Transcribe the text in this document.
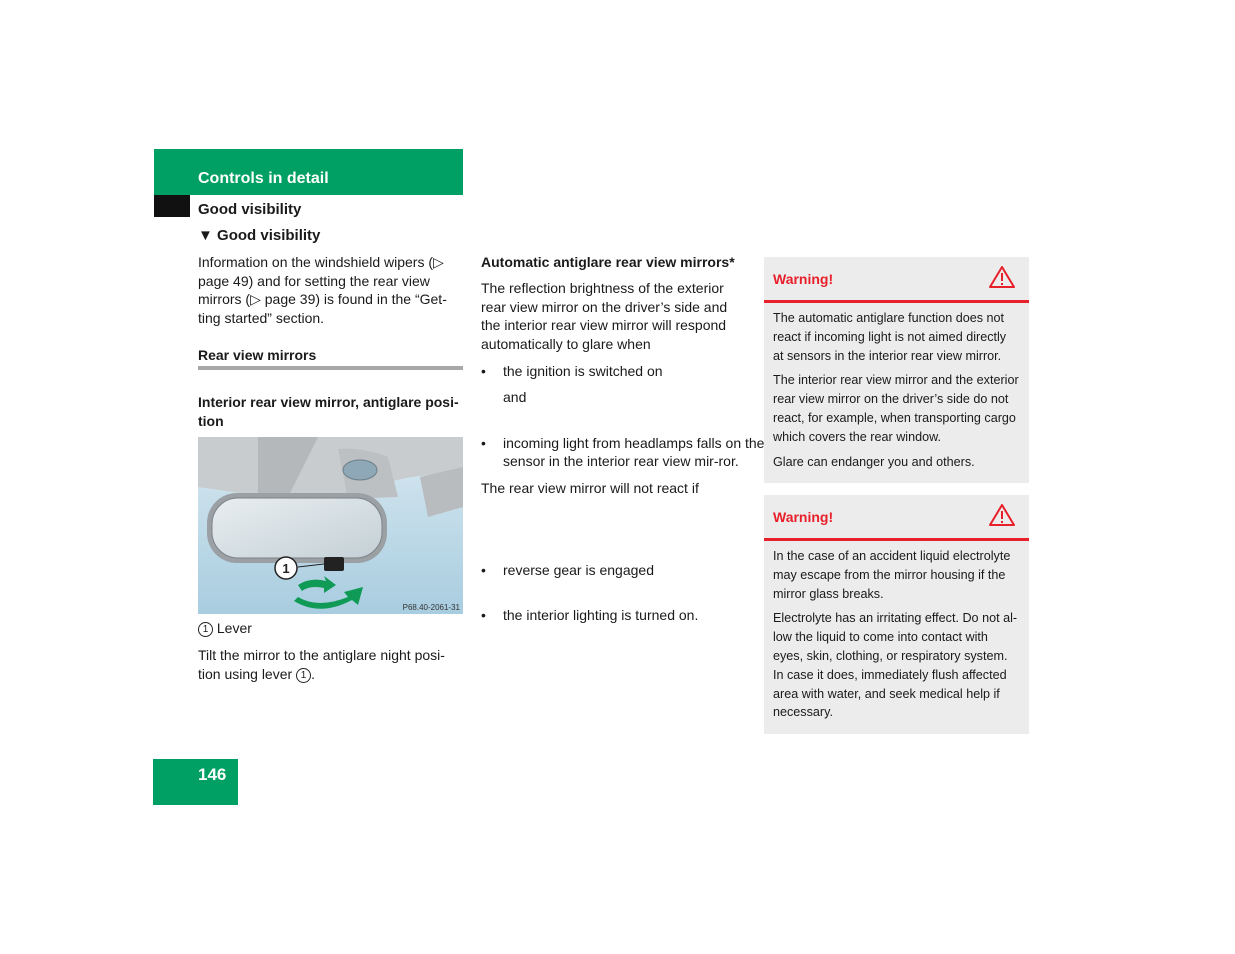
Controls in detail
Good visibility
▼ Good visibility
Information on the windshield wipers (▷ page 49) and for setting the rear view mirrors (▷ page 39) is found in the “Get-ting started” section.
Rear view mirrors
Interior rear view mirror, antiglare posi-tion
1
P68.40-2061-31
1 Lever
Tilt the mirror to the antiglare night posi-tion using lever 1 .
Automatic antiglare rear view mirrors*
The reflection brightness of the exterior rear view mirror on the driver’s side and the interior rear view mirror will respond automatically to glare when
• the ignition is switched on
and
• incoming light from headlamps falls on the sensor in the interior rear view mir-ror.
The rear view mirror will not react if
• reverse gear is engaged
• the interior lighting is turned on.
Warning!

The automatic antiglare function does not react if incoming light is not aimed directly at sensors in the interior rear view mirror.

The interior rear view mirror and the exterior rear view mirror on the driver’s side do not react, for example, when transporting cargo which covers the rear window.

Glare can endanger you and others.

Warning!

In the case of an accident liquid electrolyte may escape from the mirror housing if the mirror glass breaks.

Electrolyte has an irritating effect. Do not al-low the liquid to come into contact with eyes, skin, clothing, or respiratory system. In case it does, immediately flush affected area with water, and seek medical help if necessary.

146
